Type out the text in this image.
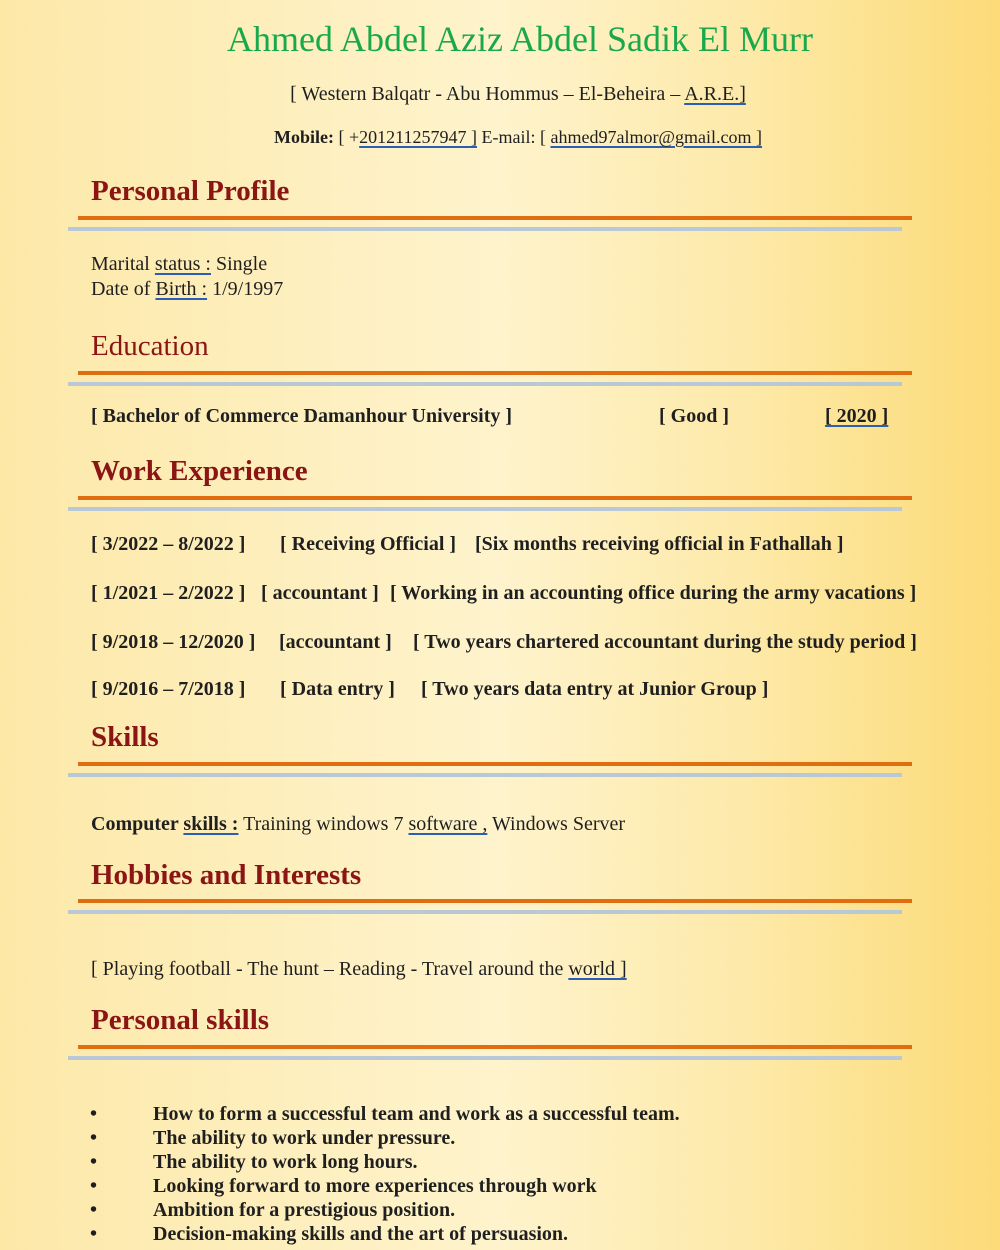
Ahmed Abdel Aziz Abdel Sadik El Murr
[ Western Balqatr - Abu Hommus – El-Beheira – A.R.E.]
Mobile: [ +201211257947 ] E-mail: [ ahmed97almor@gmail.com ]
Personal Profile
Marital status : Single
Date of Birth : 1/9/1997
Education
[ Bachelor of Commerce Damanhour University ]	[ Good ]	[ 2020 ]
Work Experience
[ 3/2022 – 8/2022 ] [ Receiving Official ] [Six months receiving official in Fathallah ]
[ 1/2021 – 2/2022 ] [ accountant ] [ Working in an accounting office during the army vacations ]
[ 9/2018 – 12/2020 ] [accountant ] [ Two years chartered accountant during the study period ]
[ 9/2016 – 7/2018 ] [ Data entry ] [ Two years data entry at Junior Group ]
Skills
Computer skills : Training windows 7 software , Windows Server
Hobbies and Interests
[ Playing football - The hunt – Reading - Travel around the world ]
Personal skills
•	How to form a successful team and work as a successful team.
•	The ability to work under pressure.
•	The ability to work long hours.
•	Looking forward to more experiences through work
•	Ambition for a prestigious position.
•	Decision-making skills and the art of persuasion.
